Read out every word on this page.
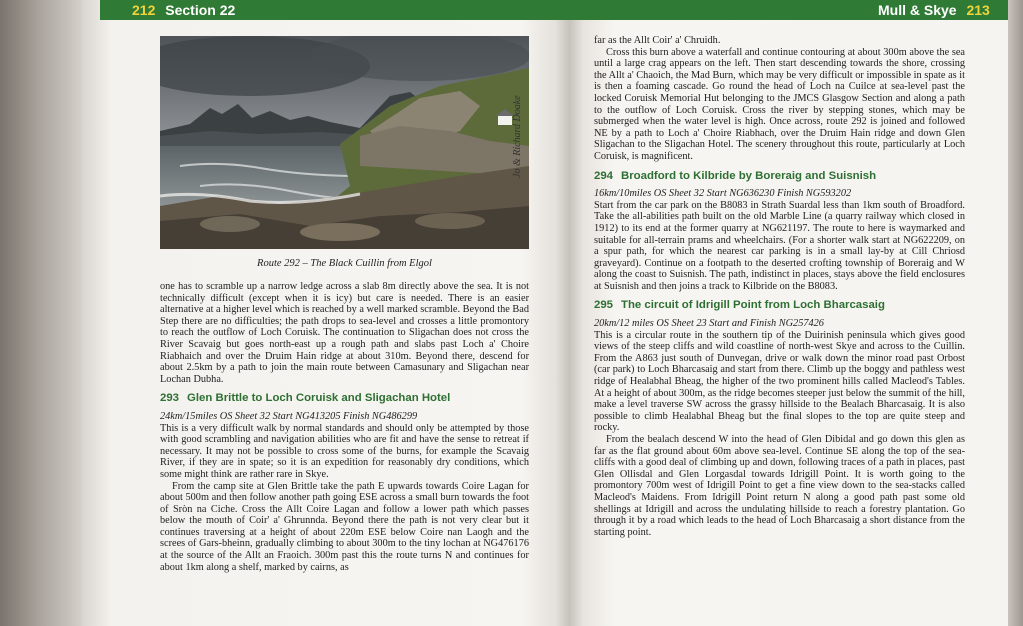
212 Section 22	Mull & Skye 213
Jo & Richard Doake
Route 292 – The Black Cuillin from Elgol

one has to scramble up a narrow ledge across a slab 8m directly above the sea. It is not technically difficult (except when it is icy) but care is needed. There is an easier alternative at a higher level which is reached by a well marked scramble. Beyond the Bad Step there are no difficulties; the path drops to sea-level and crosses a little promontory to reach the outflow of Loch Coruisk. The continuation to Sligachan does not cross the River Scavaig but goes north-east up a rough path and slabs past Loch a' Choire Riabhaich and over the Druim Hain ridge at about 310m. Beyond there, descend for about 2.5km by a path to join the main route between Camasunary and Sligachan near Lochan Dubha.

293 Glen Brittle to Loch Coruisk and Sligachan Hotel

24km/15miles OS Sheet 32 Start NG413205 Finish NG486299

This is a very difficult walk by normal standards and should only be attempted by those with good scrambling and navigation abilities who are fit and have the sense to retreat if necessary. It may not be possible to cross some of the burns, for example the Scavaig River, if they are in spate; so it is an expedition for reasonably dry conditions, which some might think are rather rare in Skye.

From the camp site at Glen Brittle take the path E upwards towards Coire Lagan for about 500m and then follow another path going ESE across a small burn towards the foot of Sròn na Ciche. Cross the Allt Coire Lagan and follow a lower path which passes below the mouth of Coir' a' Ghrunnda. Beyond there the path is not very clear but it continues traversing at a height of about 220m ESE below Coire nan Laogh and the screes of Gars-bheinn, gradually climbing to about 300m to the tiny lochan at NG476176 at the source of the Allt an Fraoich. 300m past this the route turns N and continues for about 1km along a shelf, marked by cairns, as

far as the Allt Coir' a' Chruidh.

Cross this burn above a waterfall and continue contouring at about 300m above the sea until a large crag appears on the left. Then start descending towards the shore, crossing the Allt a' Chaoich, the Mad Burn, which may be very difficult or impossible in spate as it is then a foaming cascade. Go round the head of Loch na Cuilce at sea-level past the locked Coruisk Memorial Hut belonging to the JMCS Glasgow Section and along a path to the outflow of Loch Coruisk. Cross the river by stepping stones, which may be submerged when the water level is high. Once across, route 292 is joined and followed NE by a path to Loch a' Choire Riabhach, over the Druim Hain ridge and down Glen Sligachan to the Sligachan Hotel. The scenery throughout this route, particularly at Loch Coruisk, is magnificent.

294 Broadford to Kilbride by Boreraig and Suisnish

16km/10miles OS Sheet 32 Start NG636230 Finish NG593202

Start from the car park on the B8083 in Strath Suardal less than 1km south of Broadford. Take the all-abilities path built on the old Marble Line (a quarry railway which closed in 1912) to its end at the former quarry at NG621197. The route to here is waymarked and suitable for all-terrain prams and wheelchairs. (For a shorter walk start at NG622209, on a spur path, for which the nearest car parking is in a small lay-by at Cill Chriosd graveyard). Continue on a footpath to the deserted crofting township of Boreraig and W along the coast to Suisnish. The path, indistinct in places, stays above the field enclosures at Suisnish and then joins a track to Kilbride on the B8083.

295 The circuit of Idrigill Point from Loch Bharcasaig

20km/12 miles OS Sheet 23 Start and Finish NG257426

This is a circular route in the southern tip of the Duirinish peninsula which gives good views of the steep cliffs and wild coastline of north-west Skye and across to the Cuillin. From the A863 just south of Dunvegan, drive or walk down the minor road past Orbost (car park) to Loch Bharcasaig and start from there. Climb up the boggy and pathless west ridge of Healabhal Bheag, the higher of the two prominent hills called Macleod's Tables. At a height of about 300m, as the ridge becomes steeper just below the summit of the hill, make a level traverse SW across the grassy hillside to the Bealach Bharcasaig. It is also possible to climb Healabhal Bheag but the final slopes to the top are quite steep and rocky.

From the bealach descend W into the head of Glen Dibidal and go down this glen as far as the flat ground about 60m above sea-level. Continue SE along the top of the sea-cliffs with a good deal of climbing up and down, following traces of a path in places, past Glen Ollisdal and Glen Lorgasdal towards Idrigill Point. It is worth going to the promontory 700m west of Idrigill Point to get a fine view down to the sea-stacks called Macleod's Maidens. From Idrigill Point return N along a good path past some old shellings at Idrigill and across the undulating hillside to reach a forestry plantation. Go through it by a road which leads to the head of Loch Bharcasaig a short distance from the starting point.
